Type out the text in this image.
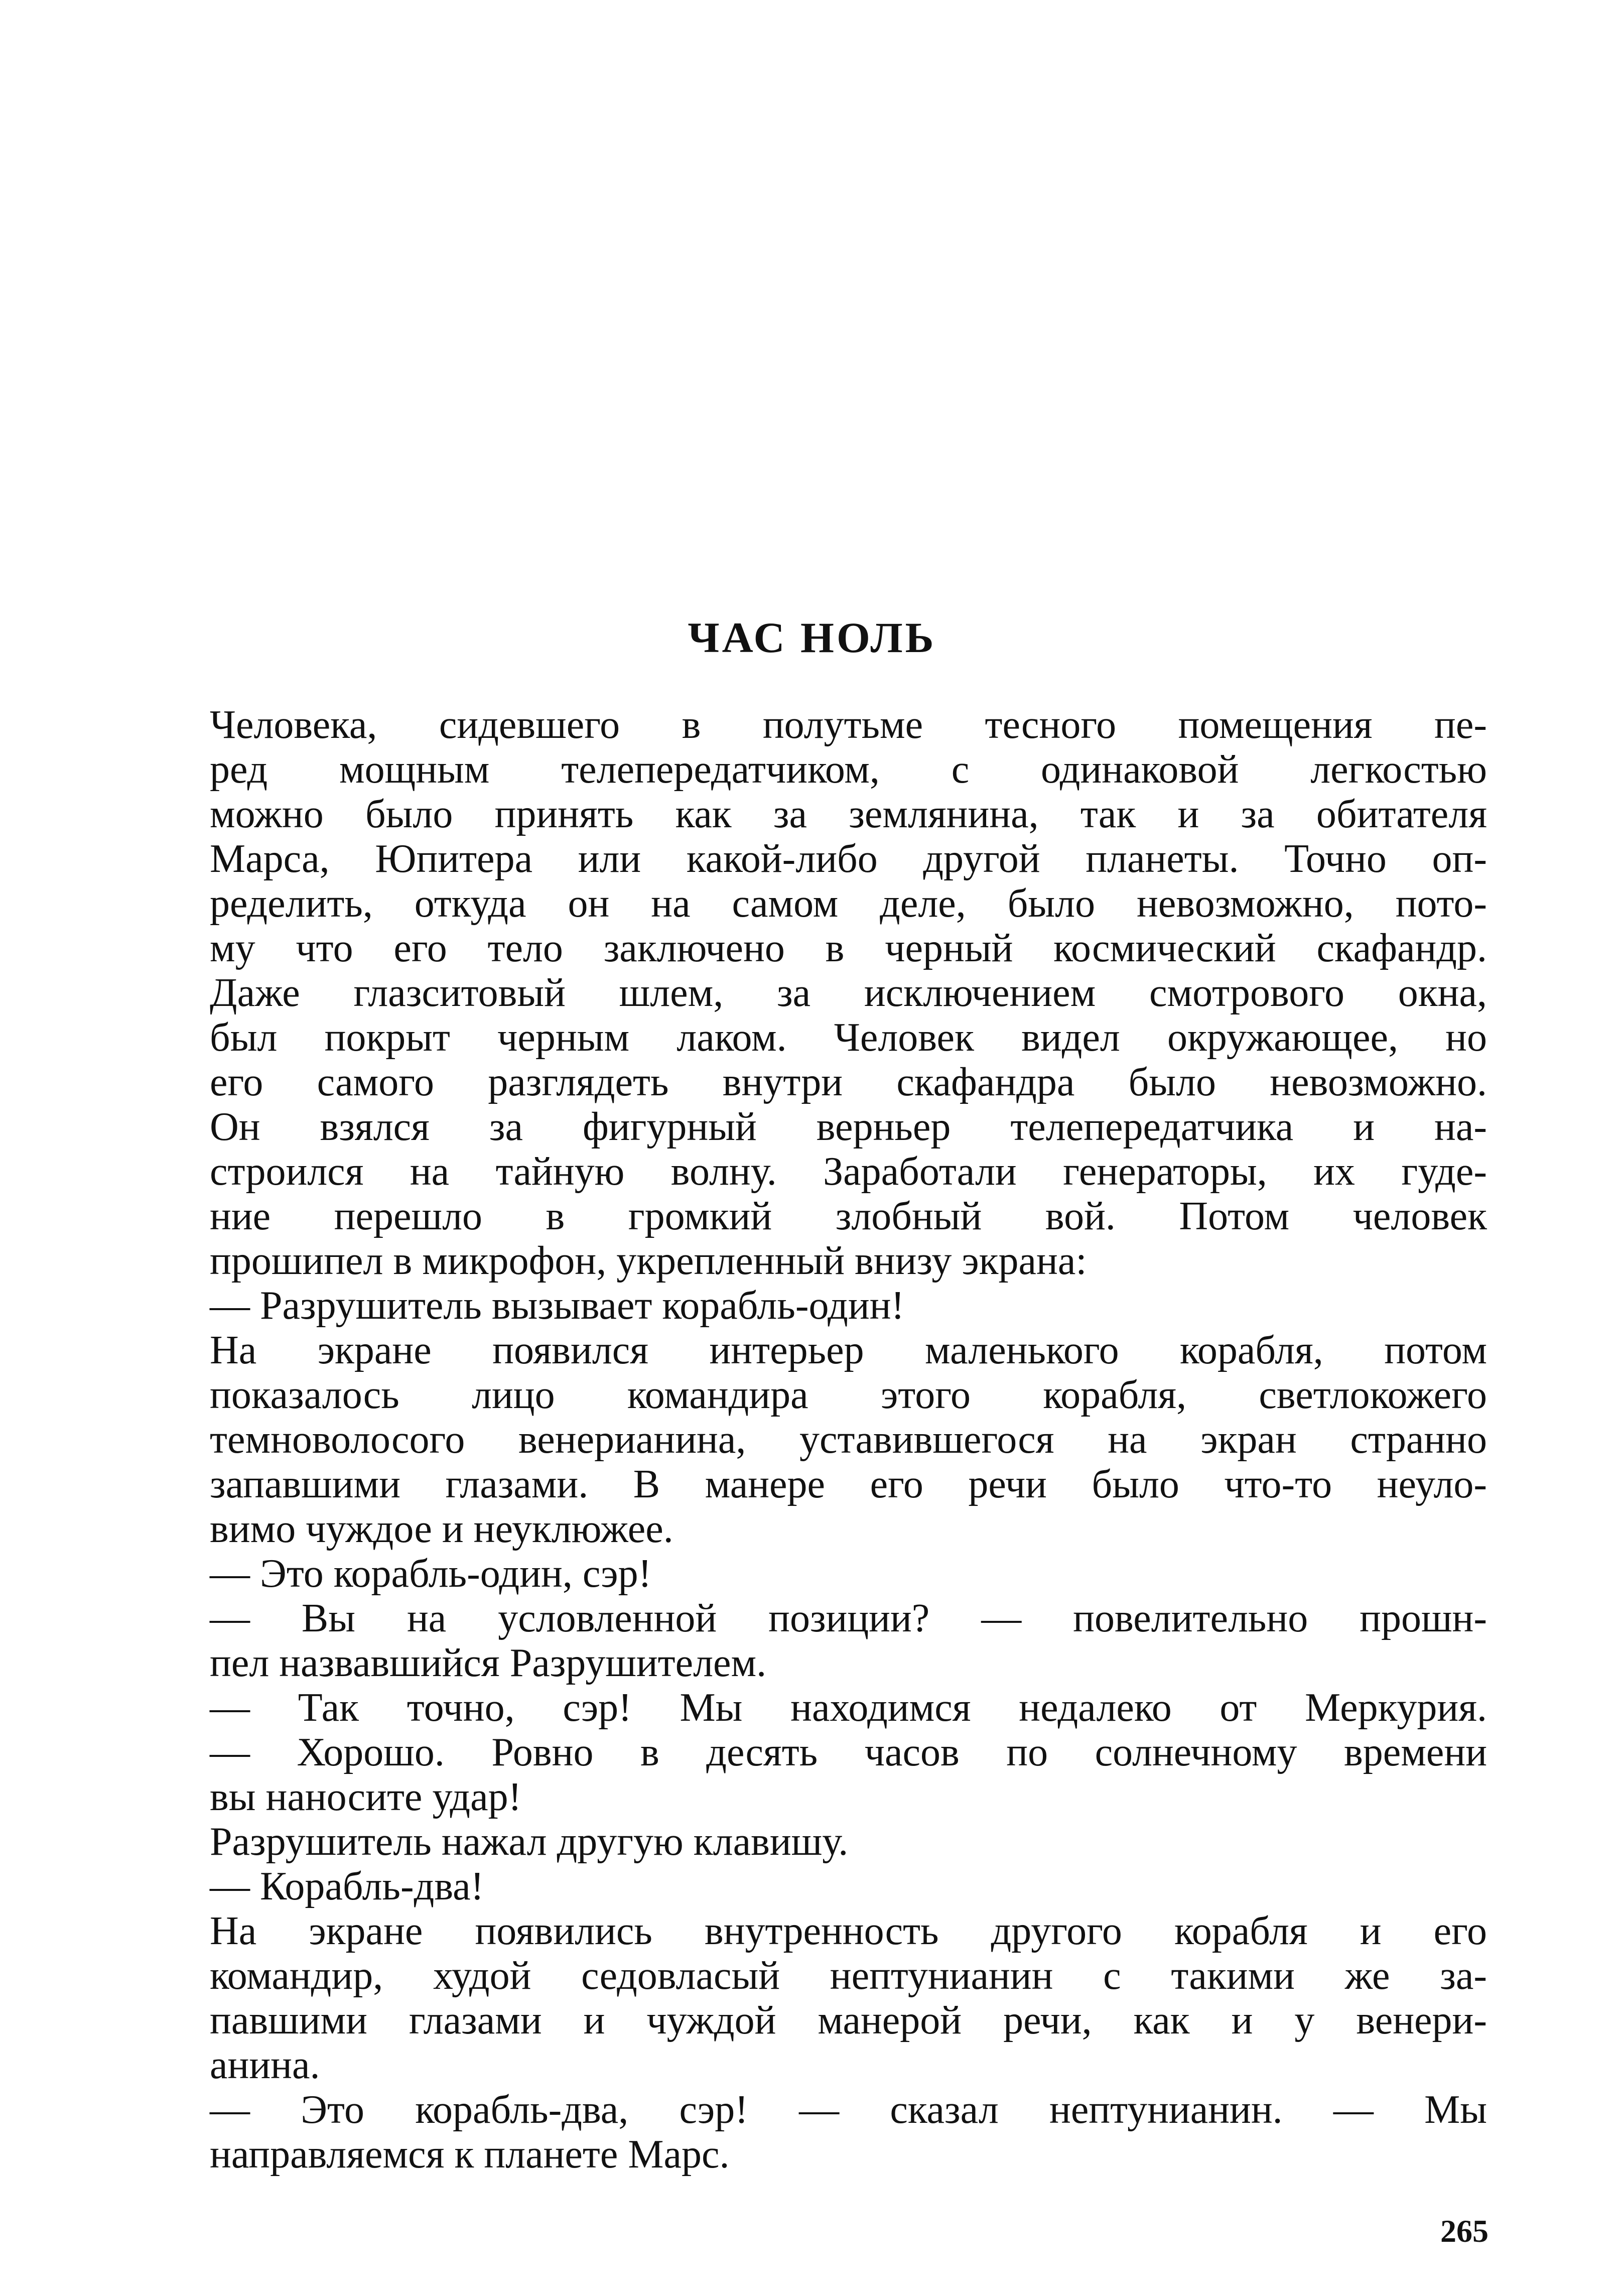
ЧАС НОЛЬ
Человека, сидевшего в полутьме тесного помещения пе-
ред мощным телепередатчиком, с одинаковой легкостью
можно было принять как за землянина, так и за обитателя
Марса, Юпитера или какой-либо другой планеты. Точно оп-
ределить, откуда он на самом деле, было невозможно, пото-
му что его тело заключено в черный космический скафандр.
Даже глазситовый шлем, за исключением смотрового окна,
был покрыт черным лаком. Человек видел окружающее, но
его самого разглядеть внутри скафандра было невозможно.
Он взялся за фигурный верньер телепередатчика и на-
строился на тайную волну. Заработали генераторы, их гуде-
ние перешло в громкий злобный вой. Потом человек
прошипел в микрофон, укрепленный внизу экрана:
— Разрушитель вызывает корабль-один!
На экране появился интерьер маленького корабля, потом
показалось лицо командира этого корабля, светлокожего
темноволосого венерианина, уставившегося на экран странно
запавшими глазами. В манере его речи было что-то неуло-
вимо чуждое и неуклюжее.
— Это корабль-один, сэр!
— Вы на условленной позиции? — повелительно прошн-
пел назвавшийся Разрушителем.
— Так точно, сэр! Мы находимся недалеко от Меркурия.
— Хорошо. Ровно в десять часов по солнечному времени
вы наносите удар!
Разрушитель нажал другую клавишу.
— Корабль-два!
На экране появились внутренность другого корабля и его
командир, худой седовласый нептунианин с такими же за-
павшими глазами и чуждой манерой речи, как и у венери-
анина.
— Это корабль-два, сэр! — сказал нептунианин. — Мы
направляемся к планете Марс.
265
